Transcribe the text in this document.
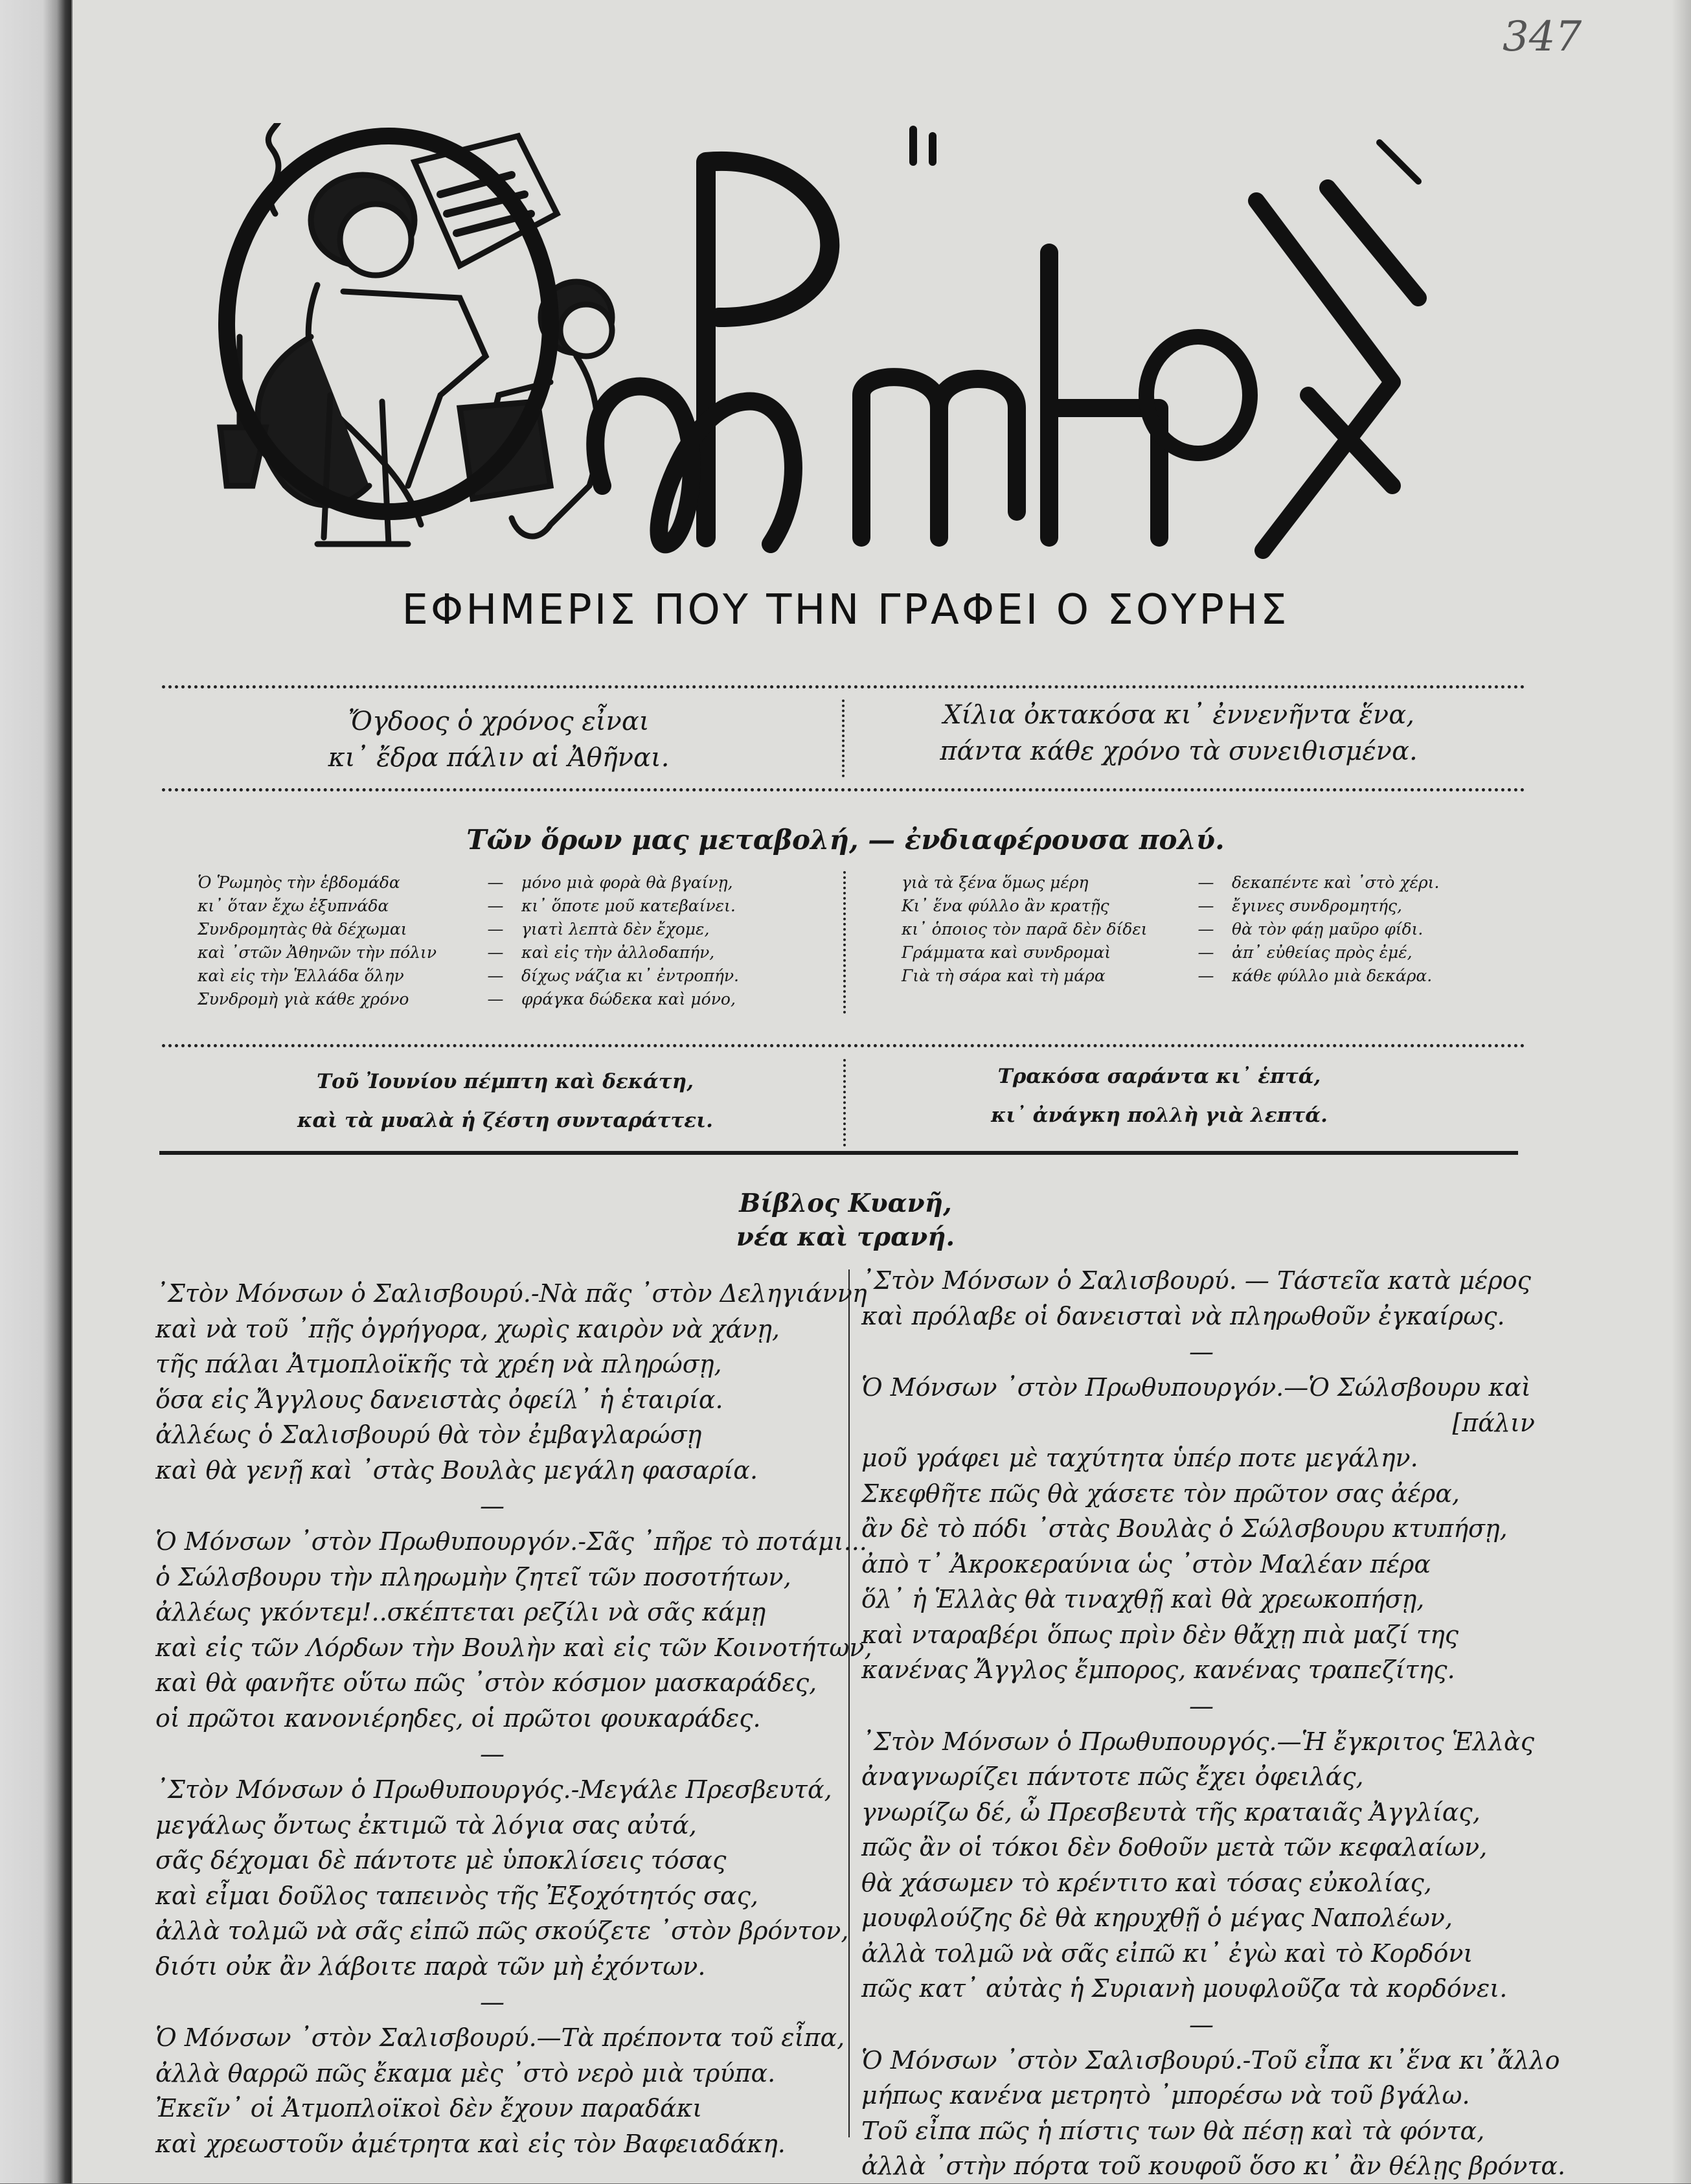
347
ΡΩΜΗΟΣ
ΕΦΗΜΕΡΙΣ ΠΟΥ ΤΗΝ ΓΡΑΦΕΙ Ο ΣΟΥΡΗΣ
Ὄγδοος ὁ χρόνος εἶναι
κι᾽ ἔδρα πάλιν αἱ Ἀθῆναι.
Χίλια ὀκτακόσα κι᾽ ἐννενῆντα ἕνα,
πάντα κάθε χρόνο τὰ συνειθισμένα.
Τῶν ὅρων μας μεταβολή, — ἐνδιαφέρουσα πολύ.
Ὁ Ῥωμηὸς τὴν ἑβδομάδα	—	μόνο μιὰ φορὰ θὰ βγαίνῃ,
κι᾽ ὅταν ἔχω ἐξυπνάδα	—	κι᾽ ὅποτε μοῦ κατεβαίνει.
Συνδρομητὰς θὰ δέχωμαι	—	γιατὶ λεπτὰ δὲν ἔχομε,
καὶ ᾽στῶν Ἀθηνῶν τὴν πόλιν	—	καὶ εἰς τὴν ἀλλοδαπήν,
καὶ εἰς τὴν Ἑλλάδα ὅλην	—	δίχως νάζια κι᾽ ἐντροπήν.
Συνδρομὴ γιὰ κάθε χρόνο	—	φράγκα δώδεκα καὶ μόνο,
γιὰ τὰ ξένα ὅμως μέρη	—	δεκαπέντε καὶ ᾽στὸ χέρι.
Κι᾽ ἕνα φύλλο ἂν κρατῇς	—	ἔγινες συνδρομητής,
κι᾽ ὁποιος τὸν παρᾶ δὲν δίδει	—	θὰ τὸν φάῃ μαῦρο φίδι.
Γράμματα καὶ συνδρομαὶ	—	ἀπ᾽ εὐθείας πρὸς ἐμέ,
Γιὰ τὴ σάρα καὶ τὴ μάρα	—	κάθε φύλλο μιὰ δεκάρα.
Τοῦ Ἰουνίου πέμπτη καὶ δεκάτη,
καὶ τὰ μυαλὰ ἡ ζέστη συνταράττει.
Τρακόσα σαράντα κι᾽ ἑπτά,
κι᾽ ἀνάγκη πολλὴ γιὰ λεπτά.
Βίβλος Κυανῆ,
νέα καὶ τρανή.
᾽Στὸν Μόνσων ὁ Σαλισβουρύ.-Νὰ πᾶς ᾽στὸν Δεληγιάννη
καὶ νὰ τοῦ ᾽πῇς ὀγρήγορα, χωρὶς καιρὸν νὰ χάνῃ,
τῆς πάλαι Ἀτμοπλοϊκῆς τὰ χρέη νὰ πληρώσῃ,
ὅσα εἰς Ἄγγλους δανειστὰς ὀφείλ᾽ ἡ ἑταιρία.
ἀλλέως ὁ Σαλισβουρύ θὰ τὸν ἐμβαγλαρώσῃ
καὶ θὰ γενῇ καὶ ᾽στὰς Βουλὰς μεγάλη φασαρία.
—
Ὁ Μόνσων ᾽στὸν Πρωθυπουργόν.-Σᾶς ᾽πῆρε τὸ ποτάμι...
ὁ Σώλσβουρυ τὴν πληρωμὴν ζητεῖ τῶν ποσοτήτων,
ἀλλέως γκόντεμ!..σκέπτεται ρεζίλι νὰ σᾶς κάμῃ
καὶ εἰς τῶν Λόρδων τὴν Βουλὴν καὶ εἰς τῶν Κοινοτήτων,
καὶ θὰ φανῆτε οὕτω πῶς ᾽στὸν κόσμον μασκαράδες,
οἱ πρῶτοι κανονιέρηδες, οἱ πρῶτοι φουκαράδες.
—
᾽Στὸν Μόνσων ὁ Πρωθυπουργός.-Μεγάλε Πρεσβευτά,
μεγάλως ὄντως ἐκτιμῶ τὰ λόγια σας αὐτά,
σᾶς δέχομαι δὲ πάντοτε μὲ ὑποκλίσεις τόσας
καὶ εἶμαι δοῦλος ταπεινὸς τῆς Ἐξοχότητός σας,
ἀλλὰ τολμῶ νὰ σᾶς εἰπῶ πῶς σκούζετε ᾽στὸν βρόντον,
διότι οὐκ ἂν λάβοιτε παρὰ τῶν μὴ ἐχόντων.
—
Ὁ Μόνσων ᾽στὸν Σαλισβουρύ.—Τὰ πρέποντα τοῦ εἶπα,
ἀλλὰ θαρρῶ πῶς ἔκαμα μὲς ᾽στὸ νερὸ μιὰ τρύπα.
Ἐκεῖν᾽ οἱ Ἀτμοπλοϊκοὶ δὲν ἔχουν παραδάκι
καὶ χρεωστοῦν ἀμέτρητα καὶ εἰς τὸν Βαφειαδάκη.
᾽Στὸν Μόνσων ὁ Σαλισβουρύ. — Τάστεῖα κατὰ μέρος
καὶ πρόλαβε οἱ δανεισταὶ νὰ πληρωθοῦν ἐγκαίρως.
—
Ὁ Μόνσων ᾽στὸν Πρωθυπουργόν.—Ὁ Σώλσβουρυ καὶ
[πάλιν
μοῦ γράφει μὲ ταχύτητα ὑπέρ ποτε μεγάλην.
Σκεφθῆτε πῶς θὰ χάσετε τὸν πρῶτον σας ἀέρα,
ἂν δὲ τὸ πόδι ᾽στὰς Βουλὰς ὁ Σώλσβουρυ κτυπήσῃ,
ἀπὸ τ᾽ Ἀκροκεραύνια ὡς ᾽στὸν Μαλέαν πέρα
ὅλ᾽ ἡ Ἑλλὰς θὰ τιναχθῇ καὶ θὰ χρεωκοπήσῃ,
καὶ νταραβέρι ὅπως πρὶν δὲν θἄχῃ πιὰ μαζί της
κανένας Ἄγγλος ἔμπορος, κανένας τραπεζίτης.
—
᾽Στὸν Μόνσων ὁ Πρωθυπουργός.—Ἡ ἔγκριτος Ἑλλὰς
ἀναγνωρίζει πάντοτε πῶς ἔχει ὀφειλάς,
γνωρίζω δέ, ὦ Πρεσβευτὰ τῆς κραταιᾶς Ἀγγλίας,
πῶς ἂν οἱ τόκοι δὲν δοθοῦν μετὰ τῶν κεφαλαίων,
θὰ χάσωμεν τὸ κρέντιτο καὶ τόσας εὐκολίας,
μουφλούζης δὲ θὰ κηρυχθῇ ὁ μέγας Ναπολέων,
ἀλλὰ τολμῶ νὰ σᾶς εἰπῶ κι᾽ ἐγὼ καὶ τὸ Κορδόνι
πῶς κατ᾽ αὐτὰς ἡ Συριανὴ μουφλοῦζα τὰ κορδόνει.
—
Ὁ Μόνσων ᾽στὸν Σαλισβουρύ.-Τοῦ εἶπα κι᾽ἕνα κι᾽ἄλλο
μήπως κανένα μετρητὸ ᾽μπορέσω νὰ τοῦ βγάλω.
Τοῦ εἶπα πῶς ἡ πίστις των θὰ πέσῃ καὶ τὰ φόντα,
ἀλλὰ ᾽στὴν πόρτα τοῦ κουφοῦ ὅσο κι᾽ ἂν θέλῃς βρόντα.
